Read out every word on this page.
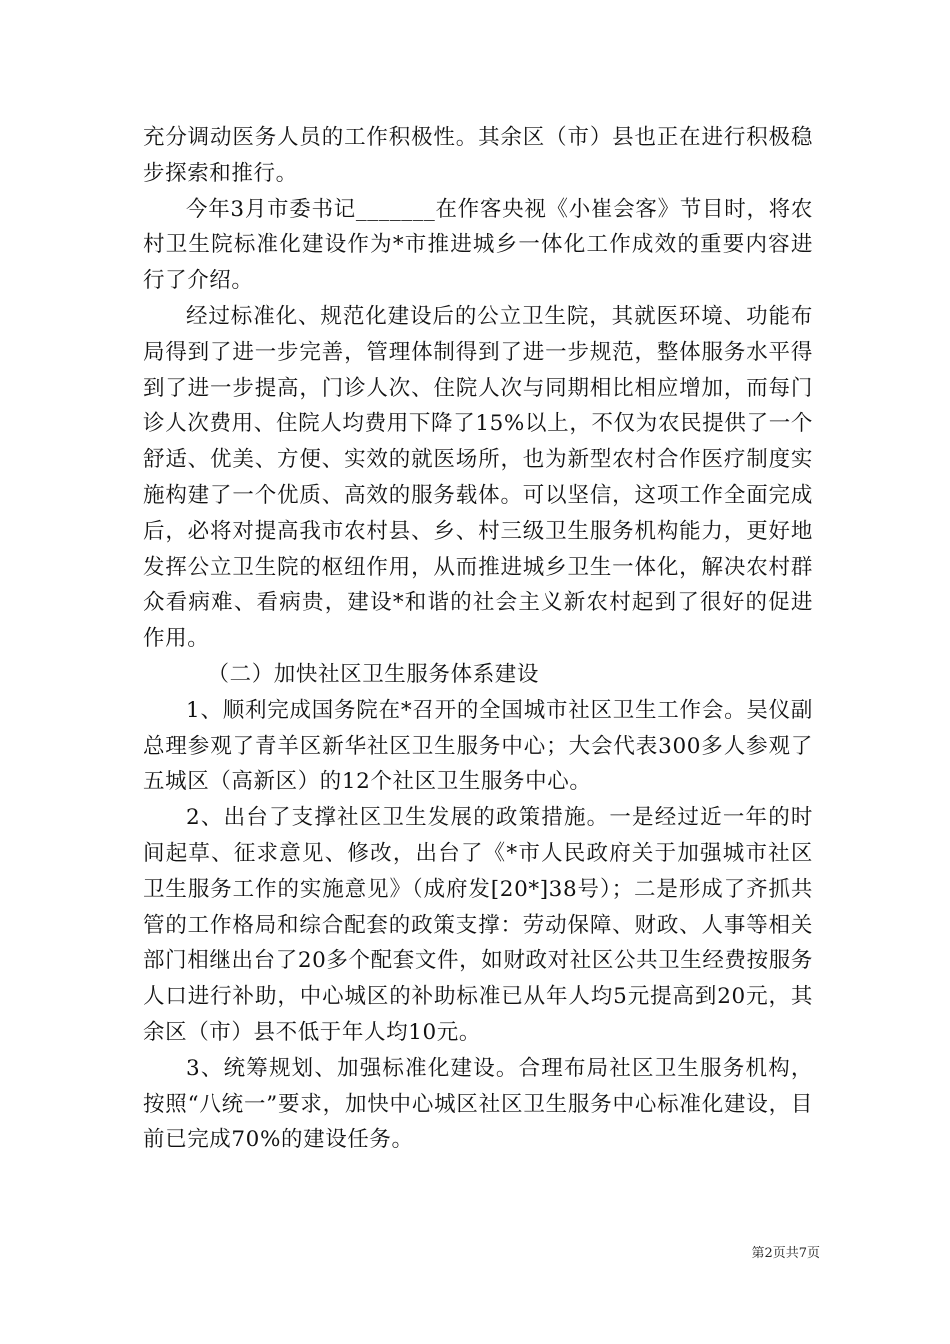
充分调动医务人员的工作积极性。其余区（市）县也正在进行积极稳步探索和推行。

今年3月市委书记_______在作客央视《小崔会客》节目时，将农村卫生院标准化建设作为*市推进城乡一体化工作成效的重要内容进行了介绍。

经过标准化、规范化建设后的公立卫生院，其就医环境、功能布局得到了进一步完善，管理体制得到了进一步规范，整体服务水平得到了进一步提高，门诊人次、住院人次与同期相比相应增加，而每门诊人次费用、住院人均费用下降了15%以上，不仅为农民提供了一个舒适、优美、方便、实效的就医场所，也为新型农村合作医疗制度实施构建了一个优质、高效的服务载体。可以坚信，这项工作全面完成后，必将对提高我市农村县、乡、村三级卫生服务机构能力，更好地发挥公立卫生院的枢纽作用，从而推进城乡卫生一体化，解决农村群众看病难、看病贵，建设*和谐的社会主义新农村起到了很好的促进作用。

（二）加快社区卫生服务体系建设

1、顺利完成国务院在*召开的全国城市社区卫生工作会。吴仪副总理参观了青羊区新华社区卫生服务中心；大会代表300多人参观了五城区（高新区）的12个社区卫生服务中心。

2、出台了支撑社区卫生发展的政策措施。一是经过近一年的时间起草、征求意见、修改，出台了《*市人民政府关于加强城市社区卫生服务工作的实施意见》（成府发[20*]38号）；二是形成了齐抓共管的工作格局和综合配套的政策支撑：劳动保障、财政、人事等相关部门相继出台了20多个配套文件，如财政对社区公共卫生经费按服务人口进行补助，中心城区的补助标准已从年人均5元提高到20元，其余区（市）县不低于年人均10元。

3、统筹规划、加强标准化建设。合理布局社区卫生服务机构，按照“八统一”要求，加快中心城区社区卫生服务中心标准化建设，目前已完成70%的建设任务。

第2页共7页
